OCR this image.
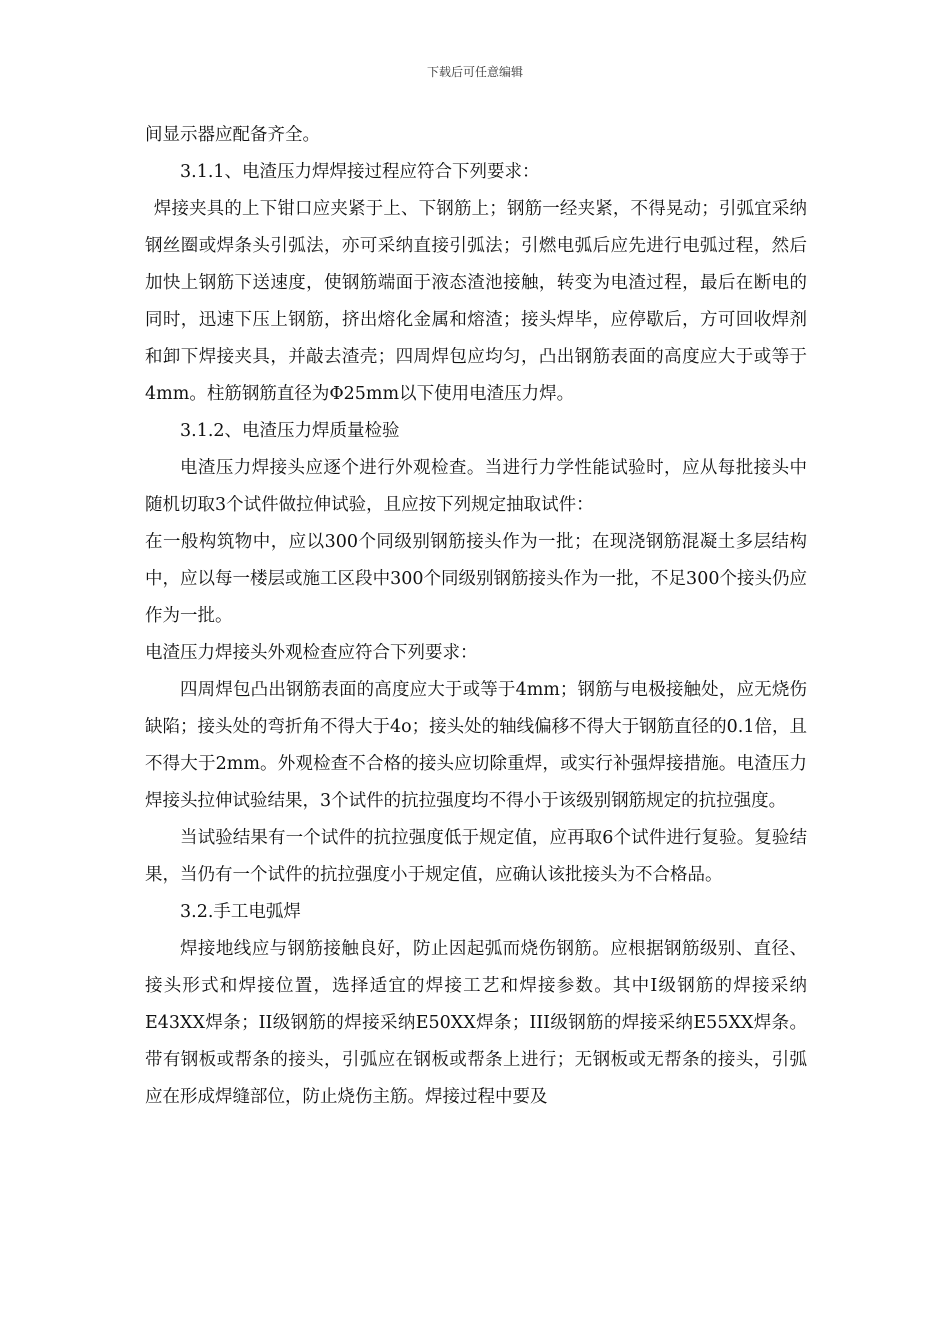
下载后可任意编辑

间显示器应配备齐全。

3.1.1、电渣压力焊焊接过程应符合下列要求：

焊接夹具的上下钳口应夹紧于上、下钢筋上；钢筋一经夹紧，不得晃动；引弧宜采纳钢丝圈或焊条头引弧法，亦可采纳直接引弧法；引燃电弧后应先进行电弧过程，然后加快上钢筋下送速度，使钢筋端面于液态渣池接触，转变为电渣过程，最后在断电的同时，迅速下压上钢筋，挤出熔化金属和熔渣；接头焊毕，应停歇后，方可回收焊剂和卸下焊接夹具，并敲去渣壳；四周焊包应均匀，凸出钢筋表面的高度应大于或等于4mm。柱筋钢筋直径为Φ25mm以下使用电渣压力焊。

3.1.2、电渣压力焊质量检验

电渣压力焊接头应逐个进行外观检查。当进行力学性能试验时，应从每批接头中随机切取3个试件做拉伸试验，且应按下列规定抽取试件：

在一般构筑物中，应以300个同级别钢筋接头作为一批；在现浇钢筋混凝土多层结构中，应以每一楼层或施工区段中300个同级别钢筋接头作为一批，不足300个接头仍应作为一批。

电渣压力焊接头外观检查应符合下列要求：

四周焊包凸出钢筋表面的高度应大于或等于4mm；钢筋与电极接触处，应无烧伤缺陷；接头处的弯折角不得大于4o；接头处的轴线偏移不得大于钢筋直径的0.1倍，且不得大于2mm。外观检查不合格的接头应切除重焊，或实行补强焊接措施。电渣压力焊接头拉伸试验结果，3个试件的抗拉强度均不得小于该级别钢筋规定的抗拉强度。

当试验结果有一个试件的抗拉强度低于规定值，应再取6个试件进行复验。复验结果，当仍有一个试件的抗拉强度小于规定值，应确认该批接头为不合格品。

3.2.手工电弧焊

焊接地线应与钢筋接触良好，防止因起弧而烧伤钢筋。应根据钢筋级别、直径、接头形式和焊接位置，选择适宜的焊接工艺和焊接参数。其中I级钢筋的焊接采纳E43XX焊条；II级钢筋的焊接采纳E50XX焊条；III级钢筋的焊接采纳E55XX焊条。带有钢板或帮条的接头，引弧应在钢板或帮条上进行；无钢板或无帮条的接头，引弧应在形成焊缝部位，防止烧伤主筋。焊接过程中要及
